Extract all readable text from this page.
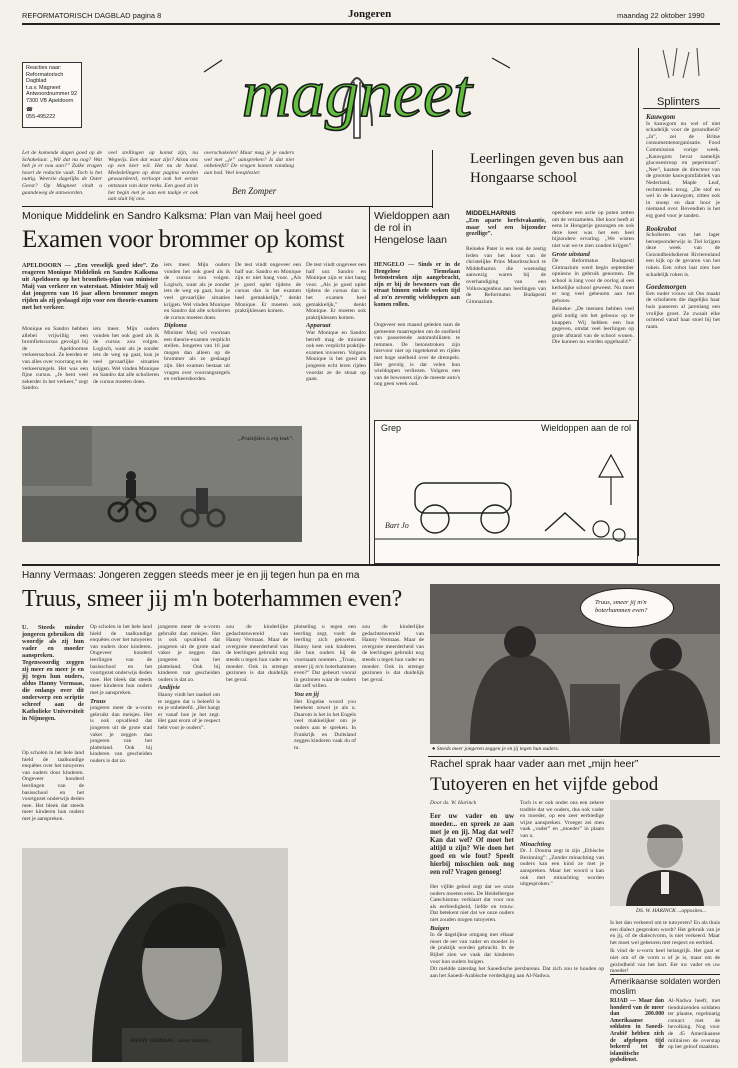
REFORMATORISCH DAGBLAD pagina 8	Jongeren	maandag 22 oktober 1990
Reacties naar:
Reformatorisch Dagblad
t.a.v. Magneet
Antwoordnummer 92
7300 VB Apeldoorn
☎
055-495222	magneet	Splinters
Kauwgom

Is kauwgom nu wel of niet schadelijk voor de gezondheid? „Ja”, zei de Britse consumentenorganisatie. Food Commission vorige week. „Kauwgom bevat namelijk glucosestroop en pepermunt”. „Nee”, kaatste de directeur van de grootste kauwgomfabriek van Nederland, Maple Leaf, rechtstreeks terug. „De stof en wel in de kauwgom, zitten ook in snoep en daar hoor je niemand over. Bovendien is het erg goed voor je tanden.

Rookrobot

Scholieren van het lager beroepsonderwijs in Tiel krijgen deze week van de Gezondheidsdienst Rivierenland een kijk op de gevaren van het roken. Een robot laat zien hoe schadelijk roken is.

Goedemorgen

Een ouder vrouw uit Oss maakt de scholieren die dagelijks haar huis passeren al jarenlang een vrolijke groet. Ze zwaait elke ochtend vanaf haar stoel bij het raam.

Let de komende dagen goed op de Schakelaar. „Wil dat nu nog? Wat heb je er nou aan?” Zulke vragen hoort de redactie vaak. Toch is het nuttig. Weerzie dagelijks de Oster Geest? Op Magneet vindt u gaandeweg de antwoorden.
veel stellingen op komst zijn, nu Wegwijs. Een dat waar zijn? Alsnu ons op een keer wil. Het nu de hand. Mededelingen op deze pagina worden gewaardeerd, verloopt ook het eerste ontstaan van deze reeks. Een goed zit in het begin met je aan een taakje er ook aan sluit bij ons.
overschakelen! Maar mag je je ouders wel met „je” aanspreken? Is dat niet onbeleefd? De vragen komen vandaag aan bod. Veel leesplezier.
Ben Zomper
Monique Middelink en Sandro Kalksma: Plan van Maij heel goed
Examen voor brommer op komst
APELDOORN — „Een vreselijk goed idee”. Zo reageren Monique Middelink en Sandro Kalksma uit Apeldoorn op het bromfiets-plan van minister Maij van verkeer en waterstaat. Minister Maij wil dat jongeren van 16 jaar alleen brommer mogen rijden als zij geslaagd zijn voor een theorie-examen met het verkeer.
Monique en Sandro hebben allebei vrijwillig een bromfietscursus gevolgd bij de Apeldoornse verkeersschool. Ze leerden er van alles over voorrang en de verkeersregels. Het was een fijne cursus. „Je bent veel zekerder in het verkeer,” zegt Sandro.
iets meer. Mijn ouders vonden het ook goed als ik de cursus zou volgen. Logisch, want als je zonder iets de weg op gaat, kun je veel gevaarlijke situaties krijgen. Wel vinden Monique en Sandro dat alle scholieren de cursus moeten doen.

iets meer. Mijn ouders vonden het ook goed als ik de cursus zou volgen. Logisch, want als je zonder iets de weg op gaat, kun je veel gevaarlijke situaties krijgen. Wel vinden Monique en Sandro dat alle scholieren de cursus moeten doen.

Diploma

Minister Maij wil voortaan een theorie-examen verplicht stellen. Jongeren van 16 jaar mogen dan alleen op de brommer als ze geslaagd zijn. Het examen bestaat uit vragen over voorrangsregels en verkeersborden.

De test vindt ongeveer een half uur. Sandro en Monique zijn er niet bang voor. „Als je goed oplet tijdens de cursus dan is het examen heel gemakkelijk,” denkt Monique. Er moeten ook praktijklessen komen.

De test vindt ongeveer een half uur. Sandro en Monique zijn er niet bang voor. „Als je goed oplet tijdens de cursus dan is het examen heel gemakkelijk,” denkt Monique. Er moeten ook praktijklessen komen.

Apparaat

Wat Monique en Sandro betreft mag de minister ook een verplicht praktijk-examen invoeren. Volgens Monique is het goed als jongeren echt leren rijden voordat ze de straat op gaan.

„Praktijkles is erg leuk”.
Wieldoppen aan de rol in Hengelose laan
HENGELO — Sinds er in de Hengelose Tiemelaan betonstroken zijn aangebracht, zijn er bij de bewoners van die straat binnen enkele weken tijd al zo'n zeventig wieldoppen aan komen rollen.
Ongeveer een maand geleden nam de gemeente maatregelen om de snelheid van passerende automobilisten te remmen. De betonstroken zijn hiervoor niet op ingetekend en rijden met hoge snelheid over de drempels. Het gevolg is dat velen hun wieldoppen verliezen. Volgens een van de bewoners zijn de meeste auto's nog geen week oud.
Leerlingen geven bus aan Hongaarse school
MIDDELHARNIS
„Een aparte herfstvakantie, maar wel een bijzonder gezellige”.
Reineke Pater is een van de zestig leden van het koor van de christelijke Prins Mauritsschool te Middelharnis die woensdag aanwezig waren bij de overhandiging van een Volkswagenbus aan leerlingen van de Reformatus Budapesti Gimnazium.

openbare een actie op poten zetten om de verzamelen. Het koor heeft al eens in Hongarije gezongen en ook deze keer was het een heel bijzondere ervaring. „We wisten niet wat we te zien zouden krijgen”.

Grote uitstand

De Reformatus Budapesti Gimnazium werd begin september opnieuw in gebruik genomen. De school is lang voor de oorlog al een kerkelijke school geweest. Nu moet er nog veel gebeuren aan het gebouw.

Reineke: „De mensen hebben veel geld nodig om het gebouw op te knappen. Wij hebben een bus gegeven, omdat veel leerlingen op grote afstand van de school wonen. Die kunnen nu worden opgehaald.”

Grep	Wieldoppen aan de rol
Bart Jo
Hanny Vermaas: Jongeren zeggen steeds meer je en jij tegen hun pa en ma
Truus, smeer jij m'n boterhammen even?
U. Steeds minder jongeren gebruiken dit woordje als zij hun vader en moeder aanspreken. Tegenwoordig zeggen zij meer en meer je en jij tegen hun ouders, aldus Hanny Vermaas, die onlangs over dit onderwerp een scriptie schreef aan de Katholieke Universiteit in Nijmegen.
Op scholen in het hele land hield de taalkundige enquêtes over het tutoyeren van ouders door kinderen. Ongeveer honderd leerlingen van de basisschool en het voortgezet onderwijs deden mee. Het bleek dat steeds meer kinderen hun ouders met je aanspreken.

Op scholen in het hele land hield de taalkundige enquêtes over het tutoyeren van ouders door kinderen. Ongeveer honderd leerlingen van de basisschool en het voortgezet onderwijs deden mee. Het bleek dat steeds meer kinderen hun ouders met je aanspreken.

Truus

jongeren meer de u-vorm gebruikt dan meisjes. Het is ook opvallend dat jongeren uit de grote stad vaker je zeggen dan jongeren van het platteland. Ook bij kinderen van gescheiden ouders is dat zo.

jongeren meer de u-vorm gebruikt dan meisjes. Het is ook opvallend dat jongeren uit de grote stad vaker je zeggen dan jongeren van het platteland. Ook bij kinderen van gescheiden ouders is dat zo.

Andijvie

Hanny vindt het raadsel om te zeggen dat u beleefd is en je onbeleefd. „Het hangt er vanaf hoe je het zegt. Het gaat erom of je respect hebt voor je ouders”.

zou de kinderlijke gedachtenwereld van Hanny Vermaas. Maar de overgrote meerderheid van de leerlingen gebruikt nog steeds u tegen hun vader en moeder. Ook in strenge gezinnen is dat duidelijk het geval.

plotseling u tegen een leerling zegt, voelt de leerling zich gekwetst. Hanny kent ook kinderen die hun ouders bij de voornaam noemen. „Truus, smeer jij m'n boterhammen even?” Dat gebeurt vooral in gezinnen waar de ouders dat zelf willen.

You en jij

Het Engelse woord you betekent zowel je als u. Daarom is het in het Engels veel makkelijker om je ouders aan te spreken. In Frankrijk en Duitsland zeggen kinderen vaak du of tu.

zou de kinderlijke gedachtenwereld van Hanny Vermaas. Maar de overgrote meerderheid van de leerlingen gebruikt nog steeds u tegen hun vader en moeder. Ook in strenge gezinnen is dat duidelijk het geval.
HANNY VERMAAS ...noort inuitive...
Truus, smeer jij m'n boterhammen even?
● Steeds meer jongeren zeggen je en jij tegen hun ouders.
Rachel sprak haar vader aan met „mijn heer”
Tutoyeren en het vijfde gebod
Door ds. W. Harinck
Eer uw vader en uw moeder... en spreek ze aan met je en jij. Mag dat wel? Kan dat wel? Of moet het altijd u zijn? Wie doen het goed en wie fout? Speelt hierbij misschien ook nog een rol? Vragen genoeg!

Het vijfde gebod zegt dat we onze ouders moeten eren. De Heidelbergse Catechismus verklaart dat voor ons als eerbiedigheid, liefde en trouw. Dat betekent niet dat we onze ouders niet zouden mogen tutoyeren.

Buigen

In de dagelijkse omgang met elkaar moet de eer van vader en moeder in de praktijk worden gebracht. In de Bijbel zien we vaak dat kinderen voor hun ouders buigen.

Toch is er ook onder ons een zekere traditie dat we ouders, dus ook vader en moeder, op een zeer eerbiedige wijze aanspreken. Vroeger zei men vaak „vader” en „moeder” in plaats van u.

Minachting

Dr. J. Douma zegt in zijn „Ethische Bezinning”: „Zonder minachting van ouders kan een kind ze met je aanspreken. Maar het woord u kan ook met minachting worden uitgesproken.”

DS. W. HARINCK ...opposites...

Is het dan verkeerd om te tutoyeren? En als thuis een dialect gesproken wordt? Het gebruik van je en jij, of de dialectvorm, is niet verkeerd. Maar het moet wel gebeuren met respect en eerbied.

Ik vind de u-vorm heel belangrijk. Het gaat er niet om of de vorm u of je is, maar om de gezindheid van het hart. Eer uw vader en uw moeder!

Amerikaanse soldaten worden moslim
RIJAD — Maar dan honderd van de meer dan 200.000 Amerikaanse soldaten in Saoedi-Arabië hebben zich de afgelopen tijd bekeerd tot de islamitische godsdienst.
Al-Nadwa heeft, met tienduizenden soldaten ter plaatse, regelmatig contact met de bevolking. Nog voor de 45 Amerikaanse militairen de overstap op het geloof maakten.
Dit meldde zaterdag het Saoedische persbureau. Dat zich zou te houden op aan het Saoedi-Arabische verdediging aan Al-Nadwa.
